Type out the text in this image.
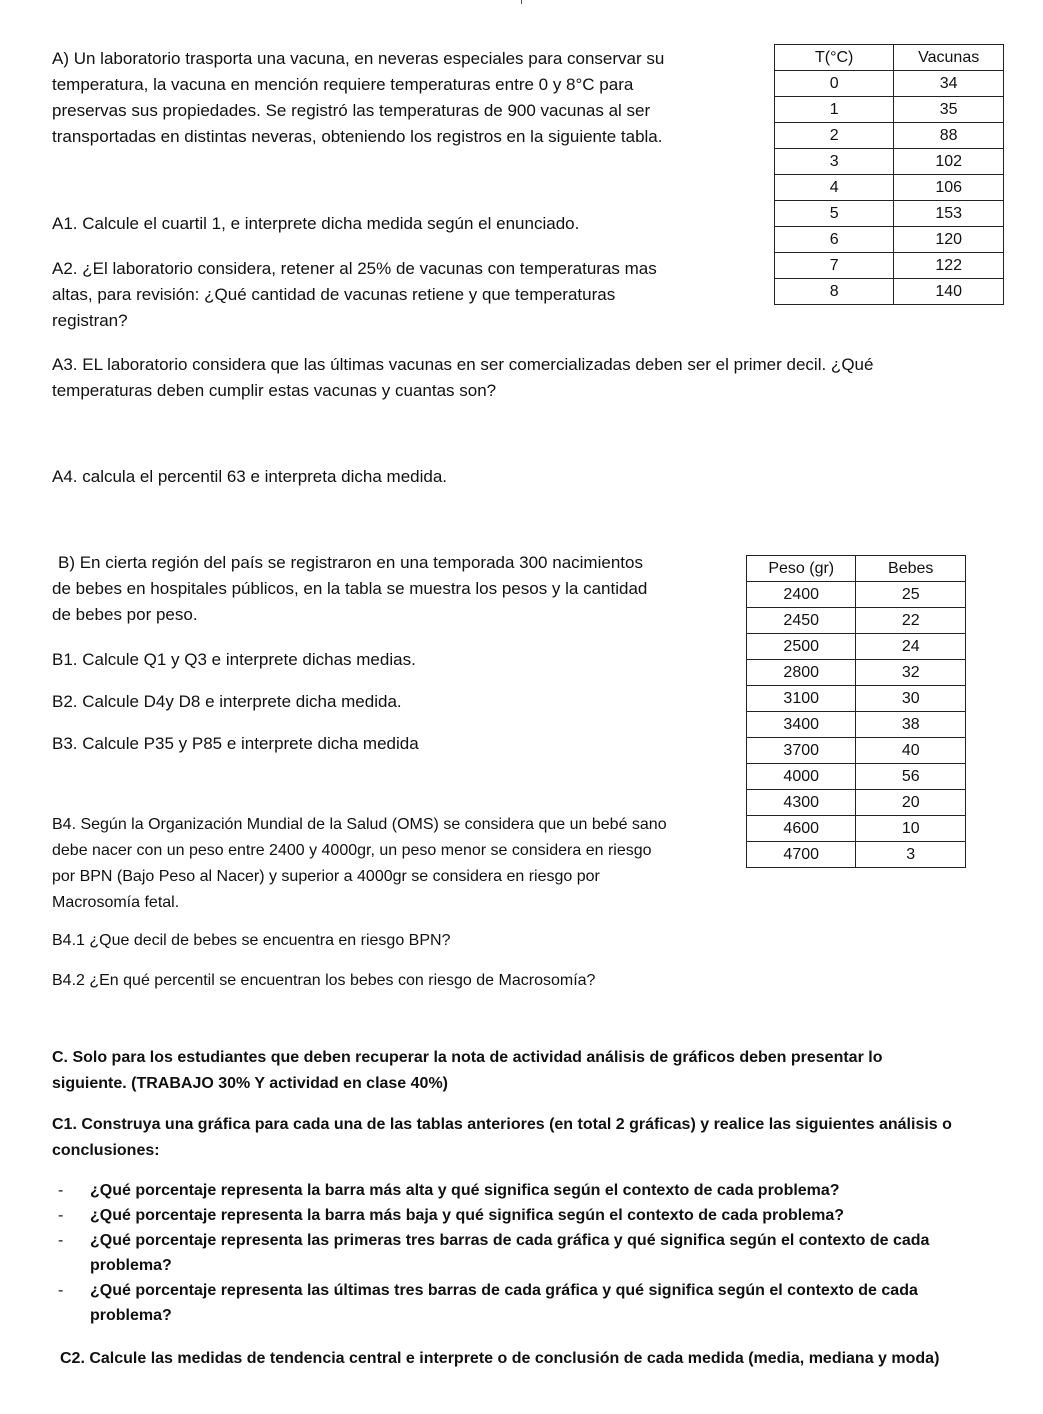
A) Un laboratorio trasporta una vacuna, en neveras especiales para conservar su

temperatura, la vacuna en mención requiere temperaturas entre 0 y 8°C para

preservas sus propiedades. Se registró las temperaturas de 900 vacunas al ser

transportadas en distintas neveras, obteniendo los registros en la siguiente tabla.

A1. Calcule el cuartil 1, e interprete dicha medida según el enunciado.

A2. ¿El laboratorio considera, retener al 25% de vacunas con temperaturas mas

altas, para revisión: ¿Qué cantidad de vacunas retiene y que temperaturas

registran?

A3. EL laboratorio considera que las últimas vacunas en ser comercializadas deben ser el primer decil. ¿Qué

temperaturas deben cumplir estas vacunas y cuantas son?

A4. calcula el percentil 63 e interpreta dicha medida.

T(°C)	Vacunas
0	34
1	35
2	88
3	102
4	106
5	153
6	120
7	122
8	140

B) En cierta región del país se registraron en una temporada 300 nacimientos

de bebes en hospitales públicos, en la tabla se muestra los pesos y la cantidad

de bebes por peso.

B1. Calcule Q1 y Q3 e interprete dichas medias.

B2. Calcule D4y D8 e interprete dicha medida.

B3. Calcule P35 y P85 e interprete dicha medida

B4. Según la Organización Mundial de la Salud (OMS) se considera que un bebé sano

debe nacer con un peso entre 2400 y 4000gr, un peso menor se considera en riesgo

por BPN (Bajo Peso al Nacer) y superior a 4000gr se considera en riesgo por

Macrosomía fetal.

B4.1 ¿Que decil de bebes se encuentra en riesgo BPN?

B4.2 ¿En qué percentil se encuentran los bebes con riesgo de Macrosomía?

Peso (gr)	Bebes
2400	25
2450	22
2500	24
2800	32
3100	30
3400	38
3700	40
4000	56
4300	20
4600	10
4700	3

C. Solo para los estudiantes que deben recuperar la nota de actividad análisis de gráficos deben presentar lo

siguiente. (TRABAJO 30% Y actividad en clase 40%)

C1. Construya una gráfica para cada una de las tablas anteriores (en total 2 gráficas) y realice las siguientes análisis o

conclusiones:

- ¿Qué porcentaje representa la barra más alta y qué significa según el contexto de cada problema?
- ¿Qué porcentaje representa la barra más baja y qué significa según el contexto de cada problema?
- ¿Qué porcentaje representa las primeras tres barras de cada gráfica y qué significa según el contexto de cada problema?
- ¿Qué porcentaje representa las últimas tres barras de cada gráfica y qué significa según el contexto de cada problema?

C2. Calcule las medidas de tendencia central e interprete o de conclusión de cada medida (media, mediana y moda)
